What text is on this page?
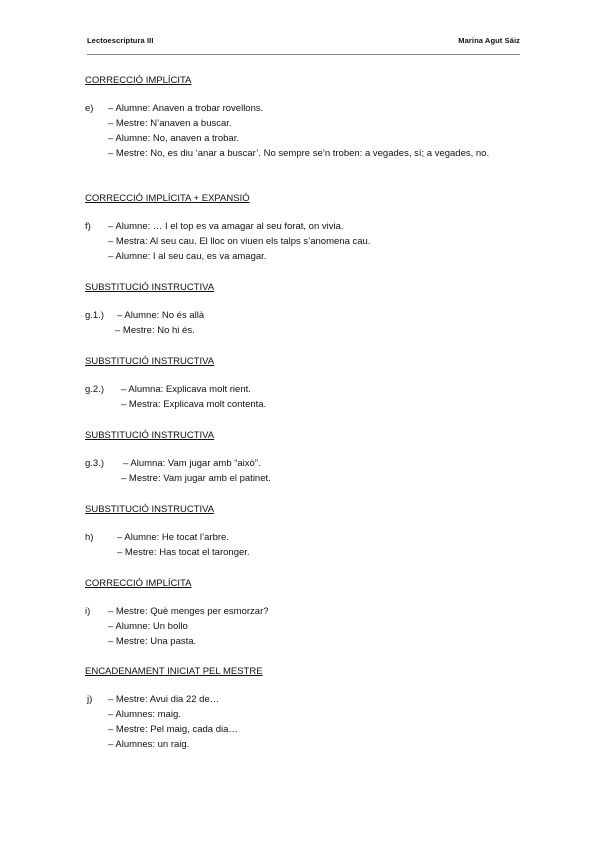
Lectoescriptura III	Marina Agut Sáiz
CORRECCIÓ IMPLÍCITA
e) – Alumne: Anaven a trobar rovellons.
– Mestre: N’anaven a buscar.
– Alumne: No, anaven a trobar.
– Mestre: No, es diu ‘anar a buscar’. No sempre se’n troben: a vegades, sí; a vegades, no.
CORRECCIÓ IMPLÍCITA + EXPANSIÓ
f) – Alumne: … I el top es va amagar al seu forat, on vivia.
– Mestra: Al seu cau. El lloc on viuen els talps s’anomena cau.
– Alumne: I al seu cau, es va amagar.
SUBSTITUCIÓ INSTRUCTIVA
g.1.) – Alumne: No és allà
– Mestre: No hi és.
SUBSTITUCIÓ INSTRUCTIVA
g.2.) – Alumna: Explicava molt rient.
– Mestra: Explicava molt contenta.
SUBSTITUCIÓ INSTRUCTIVA
g.3.) – Alumna: Vam jugar amb “això”.
– Mestre: Vam jugar amb el patinet.
SUBSTITUCIÓ INSTRUCTIVA
h) – Alumne: He tocat l’arbre.
– Mestre: Has tocat el taronger.
CORRECCIÓ IMPLÍCITA
i) – Mestre: Què menges per esmorzar?
– Alumne: Un bollo
– Mestre: Una pasta.
ENCADENAMENT INICIAT PEL MESTRE
j) – Mestre: Avui dia 22 de…
– Alumnes: maig.
– Mestre: Pel maig, cada dia…
– Alumnes: un raig.
